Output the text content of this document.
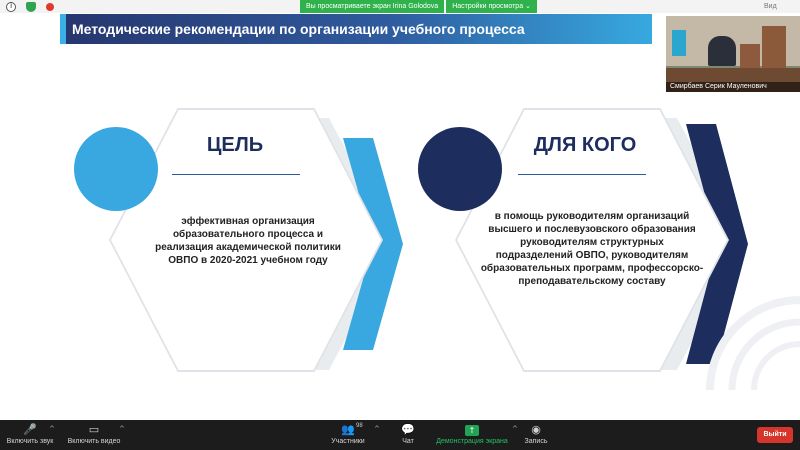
i
Вы просматриваете экран Irina Golodova	Настройки просмотра ⌄	Вид
Методические рекомендации по организации учебного процесса
ЦЕЛЬ
эффективная организация
образовательного процесса и
реализация академической политики
ОВПО в 2020-2021 учебном году
ДЛЯ КОГО
в помощь руководителям организаций
высшего и послевузовского образования
руководителям структурных
подразделений ОВПО, руководителям
образовательных программ, профессорско-
преподавательскому составу
Смирбаев Серик Мауленович
🎤
Включить звук
^	▭
Включить видео
^	👥
Участники
98 ^	💬
Чат
↑
Демонстрация экрана
^	◉
Запись
Выйти
